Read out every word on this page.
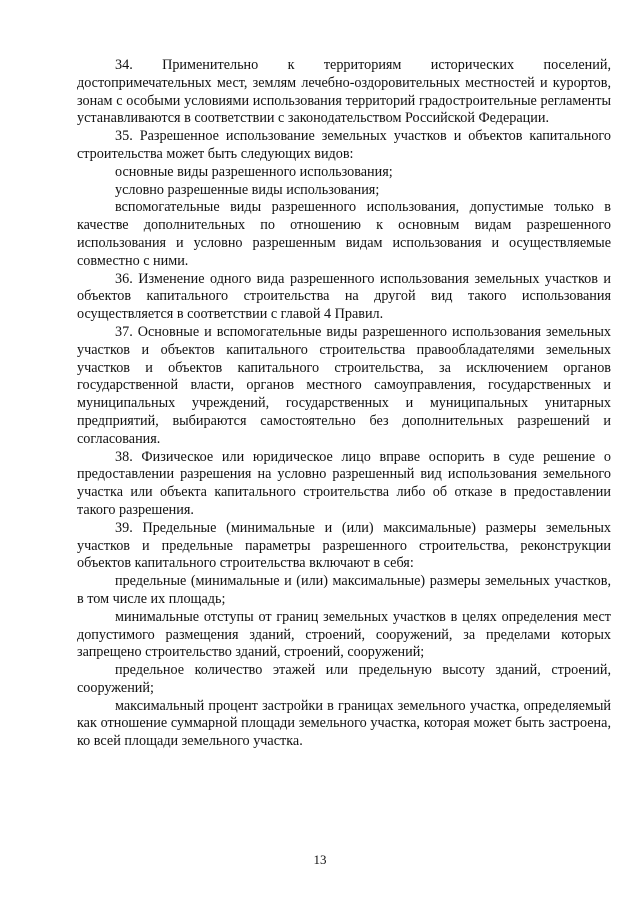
34. Применительно к территориям исторических поселений, достопримечательных мест, землям лечебно-оздоровительных местностей и курортов, зонам с особыми условиями использования территорий градостроительные регламенты устанавливаются в соответствии с законодательством Российской Федерации.

35. Разрешенное использование земельных участков и объектов капитального строительства может быть следующих видов:

основные виды разрешенного использования;

условно разрешенные виды использования;

вспомогательные виды разрешенного использования, допустимые только в качестве дополнительных по отношению к основным видам разрешенного использования и условно разрешенным видам использования и осуществляемые совместно с ними.

36. Изменение одного вида разрешенного использования земельных участков и объектов капитального строительства на другой вид такого использования осуществляется в соответствии с главой 4 Правил.

37. Основные и вспомогательные виды разрешенного использования земельных участков и объектов капитального строительства правообладателями земельных участков и объектов капитального строительства, за исключением органов государственной власти, органов местного самоуправления, государственных и муниципальных учреждений, государственных и муниципальных унитарных предприятий, выбираются самостоятельно без дополнительных разрешений и согласования.

38. Физическое или юридическое лицо вправе оспорить в суде решение о предоставлении разрешения на условно разрешенный вид использования земельного участка или объекта капитального строительства либо об отказе в предоставлении такого разрешения.

39. Предельные (минимальные и (или) максимальные) размеры земельных участков и предельные параметры разрешенного строительства, реконструкции объектов капитального строительства включают в себя:

предельные (минимальные и (или) максимальные) размеры земельных участков, в том числе их площадь;

минимальные отступы от границ земельных участков в целях определения мест допустимого размещения зданий, строений, сооружений, за пределами которых запрещено строительство зданий, строений, сооружений;

предельное количество этажей или предельную высоту зданий, строений, сооружений;

максимальный процент застройки в границах земельного участка, определяемый как отношение суммарной площади земельного участка, которая может быть застроена, ко всей площади земельного участка.

13
